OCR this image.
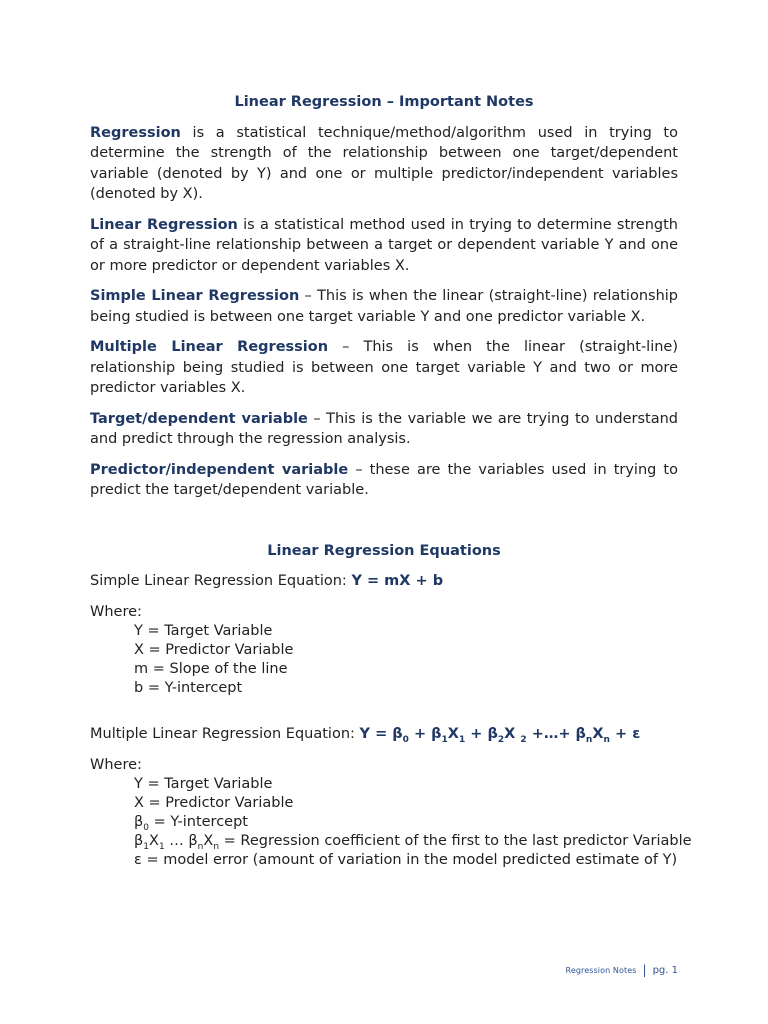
Linear Regression – Important Notes

Regression is a statistical technique/method/algorithm used in trying to determine the strength of the relationship between one target/dependent variable (denoted by Y) and one or multiple predictor/independent variables (denoted by X).

Linear Regression is a statistical method used in trying to determine strength of a straight-line relationship between a target or dependent variable Y and one or more predictor or dependent variables X.

Simple Linear Regression – This is when the linear (straight-line) relationship being studied is between one target variable Y and one predictor variable X.

Multiple Linear Regression – This is when the linear (straight-line) relationship being studied is between one target variable Y and two or more predictor variables X.

Target/dependent variable – This is the variable we are trying to understand and predict through the regression analysis.

Predictor/independent variable – these are the variables used in trying to predict the target/dependent variable.

Linear Regression Equations
Simple Linear Regression Equation: Y = mX + b
Where:
Y = Target Variable
X = Predictor Variable
m = Slope of the line
b = Y-intercept
Multiple Linear Regression Equation: $Y = \beta_0 + \beta_1X_1 + \beta_2X$ $_2$ +…+ $\beta_nX_n + \varepsilon$
Where:
Y = Target Variable
X = Predictor Variable
$\beta_0$ = Y-intercept
$\beta_1X_1$ … $\beta_nX_n$ = Regression coefficient of the first to the last predictor Variable
ε = model error (amount of variation in the model predicted estimate of Y)
Regression Notes | pg. 1
